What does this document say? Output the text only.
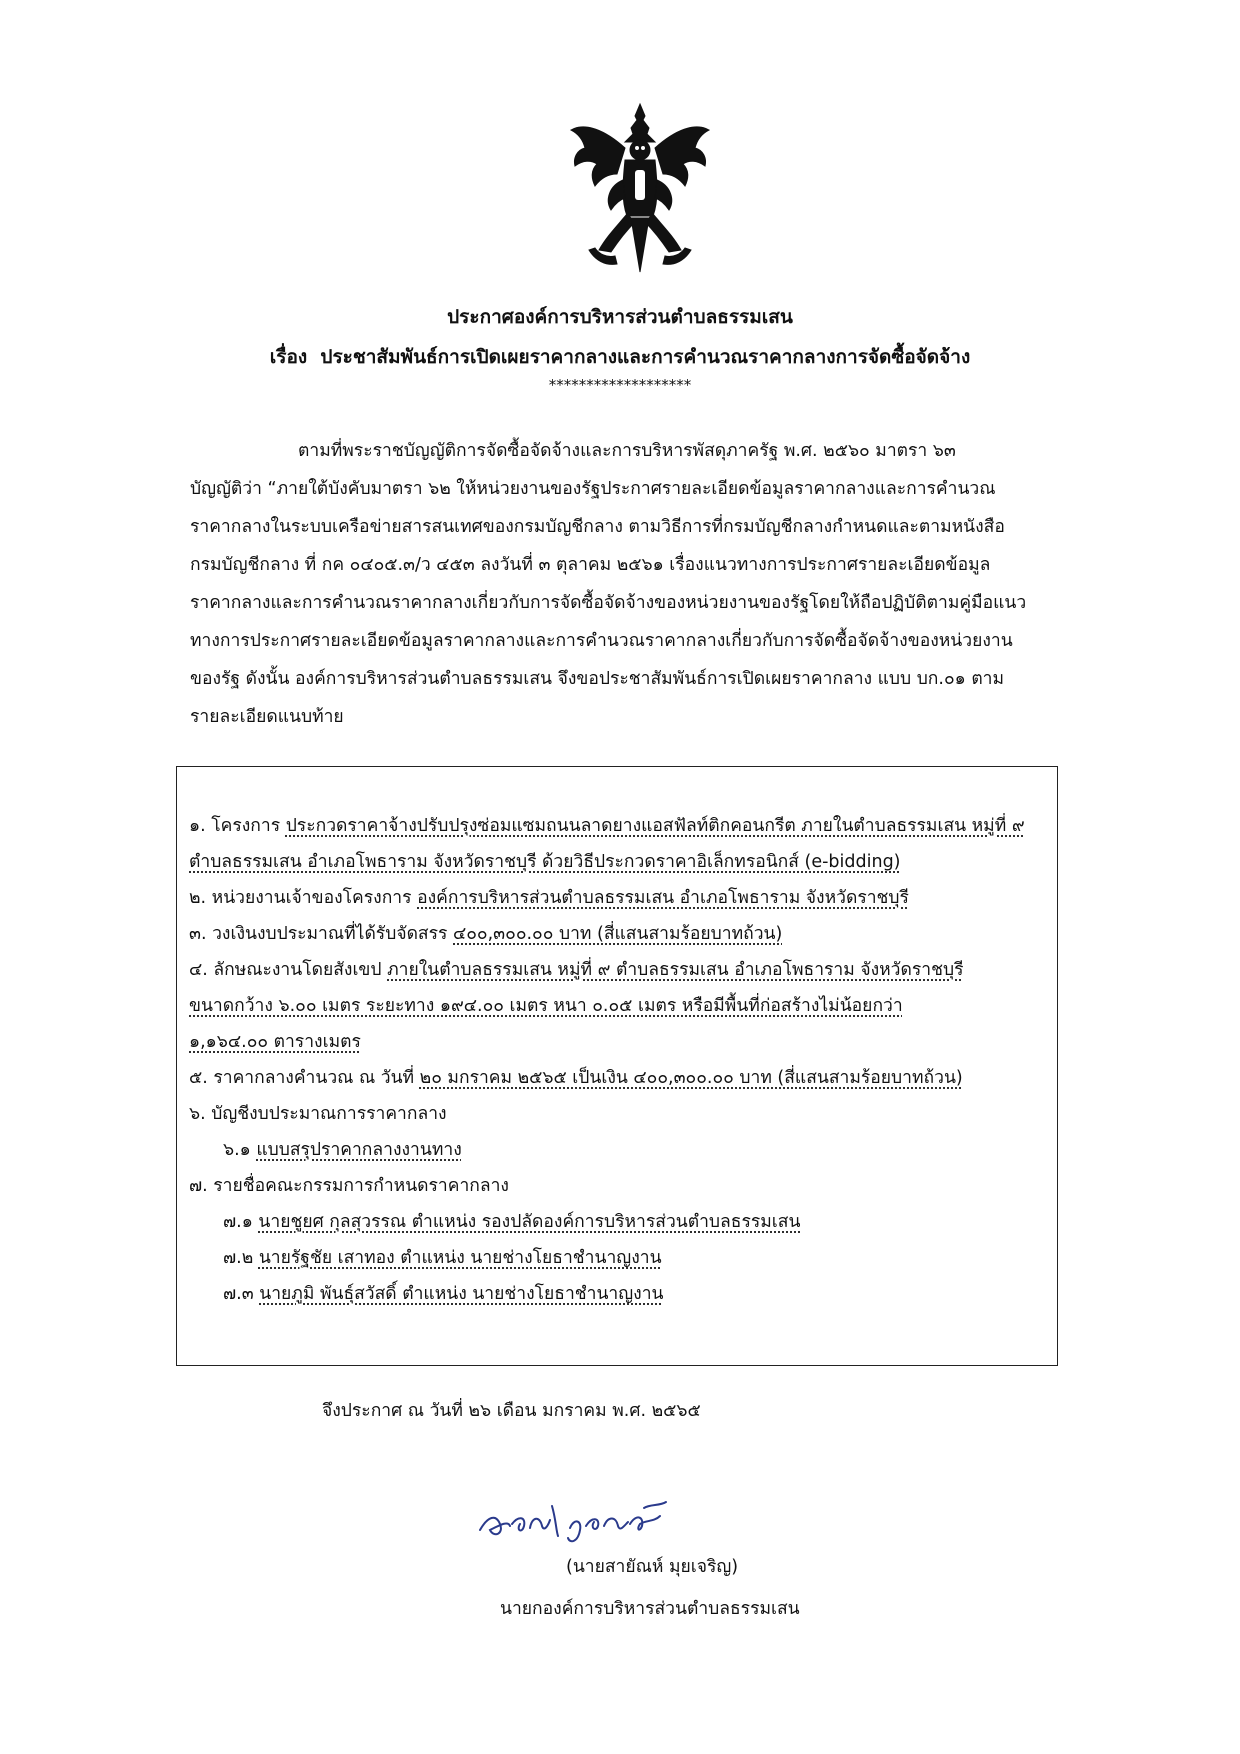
ประกาศองค์การบริหารส่วนตำบลธรรมเสน
เรื่อง ประชาสัมพันธ์การเปิดเผยราคากลางและการคำนวณราคากลางการจัดซื้อจัดจ้าง
*******************
ตามที่พระราชบัญญัติการจัดซื้อจัดจ้างและการบริหารพัสดุภาครัฐ พ.ศ. ๒๕๖๐ มาตรา ๖๓
บัญญัติว่า “ภายใต้บังคับมาตรา ๖๒ ให้หน่วยงานของรัฐประกาศรายละเอียดข้อมูลราคากลางและการคำนวณ
ราคากลางในระบบเครือข่ายสารสนเทศของกรมบัญชีกลาง ตามวิธีการที่กรมบัญชีกลางกำหนดและตามหนังสือ
กรมบัญชีกลาง ที่ กค ๐๔๐๕.๓/ว ๔๕๓ ลงวันที่ ๓ ตุลาคม ๒๕๖๑ เรื่องแนวทางการประกาศรายละเอียดข้อมูล
ราคากลางและการคำนวณราคากลางเกี่ยวกับการจัดซื้อจัดจ้างของหน่วยงานของรัฐโดยให้ถือปฏิบัติตามคู่มือแนว
ทางการประกาศรายละเอียดข้อมูลราคากลางและการคำนวณราคากลางเกี่ยวกับการจัดซื้อจัดจ้างของหน่วยงาน
ของรัฐ ดังนั้น องค์การบริหารส่วนตำบลธรรมเสน จึงขอประชาสัมพันธ์การเปิดเผยราคากลาง แบบ บก.๐๑ ตาม
รายละเอียดแนบท้าย
๑. โครงการ ประกวดราคาจ้างปรับปรุงซ่อมแซมถนนลาดยางแอสฟัลท์ติกคอนกรีต ภายในตำบลธรรมเสน หมู่ที่ ๙
ตำบลธรรมเสน อำเภอโพธาราม จังหวัดราชบุรี ด้วยวิธีประกวดราคาอิเล็กทรอนิกส์ (e-bidding)
๒. หน่วยงานเจ้าของโครงการ องค์การบริหารส่วนตำบลธรรมเสน อำเภอโพธาราม จังหวัดราชบุรี
๓. วงเงินงบประมาณที่ได้รับจัดสรร ๔๐๐,๓๐๐.๐๐ บาท (สี่แสนสามร้อยบาทถ้วน)
๔. ลักษณะงานโดยสังเขป ภายในตำบลธรรมเสน หมู่ที่ ๙ ตำบลธรรมเสน อำเภอโพธาราม จังหวัดราชบุรี
ขนาดกว้าง ๖.๐๐ เมตร ระยะทาง ๑๙๔.๐๐ เมตร หนา ๐.๐๕ เมตร หรือมีพื้นที่ก่อสร้างไม่น้อยกว่า
๑,๑๖๔.๐๐ ตารางเมตร
๕. ราคากลางคำนวณ ณ วันที่ ๒๐ มกราคม ๒๕๖๕ เป็นเงิน ๔๐๐,๓๐๐.๐๐ บาท (สี่แสนสามร้อยบาทถ้วน)
๖. บัญชีงบประมาณการราคากลาง
๖.๑ แบบสรุปราคากลางงานทาง
๗. รายชื่อคณะกรรมการกำหนดราคากลาง
๗.๑ นายชูยศ กุลสุวรรณ ตำแหน่ง รองปลัดองค์การบริหารส่วนตำบลธรรมเสน
๗.๒ นายรัฐชัย เสาทอง ตำแหน่ง นายช่างโยธาชำนาญงาน
๗.๓ นายภูมิ พันธุ์สวัสดิ์ ตำแหน่ง นายช่างโยธาชำนาญงาน
จึงประกาศ ณ วันที่ ๒๖ เดือน มกราคม พ.ศ. ๒๕๖๕
(นายสายัณห์ มุยเจริญ)
นายกองค์การบริหารส่วนตำบลธรรมเสน
